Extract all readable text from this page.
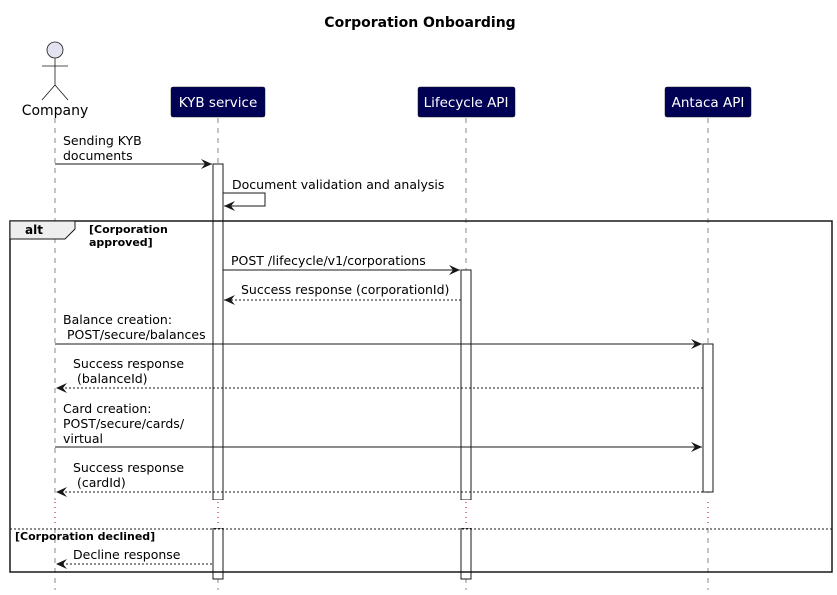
Corporation Onboarding
Company	KYB service	Lifecycle API	Antaca API
alt	[Corporation
approved]
[Corporation declined]
Sending KYB
documents
Document validation and analysis
POST /lifecycle/v1/corporations
Success response (corporationId)
Balance creation:
POST/secure/balances
Success response
(balanceId)
Card creation:
POST/secure/cards/
virtual
Success response
(cardId)
Decline response
